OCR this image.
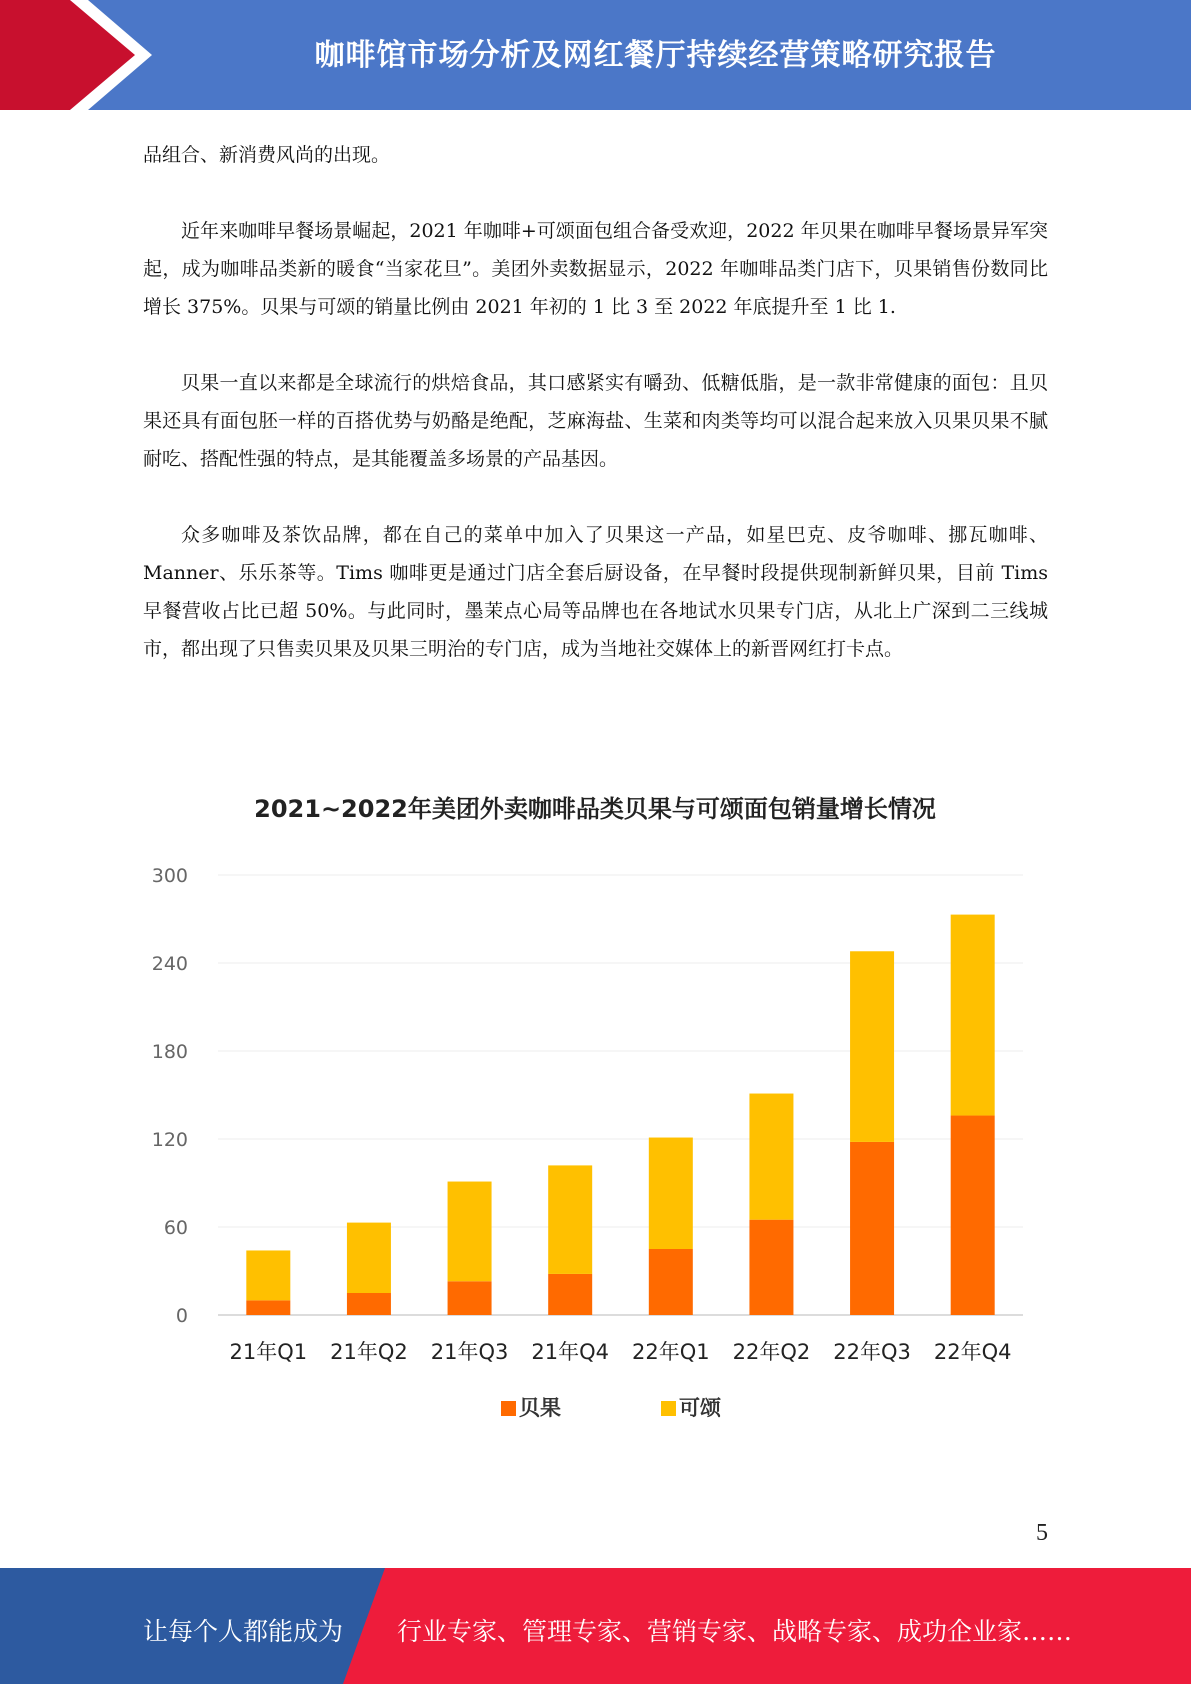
咖啡馆市场分析及网红餐厅持续经营策略研究报告

品组合、新消费风尚的出现。

近年来咖啡早餐场景崛起，2021 年咖啡+可颂面包组合备受欢迎，2022 年贝果在咖啡早餐场景异军突起，成为咖啡品类新的暖食“当家花旦”。美团外卖数据显示，2022 年咖啡品类门店下，贝果销售份数同比增长 375%。贝果与可颂的销量比例由 2021 年初的 1 比 3 至 2022 年底提升至 1 比 1.

贝果一直以来都是全球流行的烘焙食品，其口感紧实有嚼劲、低糖低脂，是一款非常健康的面包：且贝果还具有面包胚一样的百搭优势与奶酪是绝配，芝麻海盐、生菜和肉类等均可以混合起来放入贝果贝果不腻耐吃、搭配性强的特点，是其能覆盖多场景的产品基因。

众多咖啡及茶饮品牌，都在自己的菜单中加入了贝果这一产品，如星巴克、皮爷咖啡、挪瓦咖啡、Manner、乐乐茶等。Tims 咖啡更是通过门店全套后厨设备，在早餐时段提供现制新鲜贝果，目前 Tims 早餐营收占比已超 50%。与此同时，墨茉点心局等品牌也在各地试水贝果专门店，从北上广深到二三线城市，都出现了只售卖贝果及贝果三明治的专门店，成为当地社交媒体上的新晋网红打卡点。

2021~2022年美团外卖咖啡品类贝果与可颂面包销量增长情况
0
60
120
180
240
300
21年Q1 21年Q2 21年Q3 21年Q4 22年Q1 22年Q2 22年Q3 22年Q4
贝果	可颂
5
让每个人都能成为 行业专家、管理专家、营销专家、战略专家、成功企业家……
